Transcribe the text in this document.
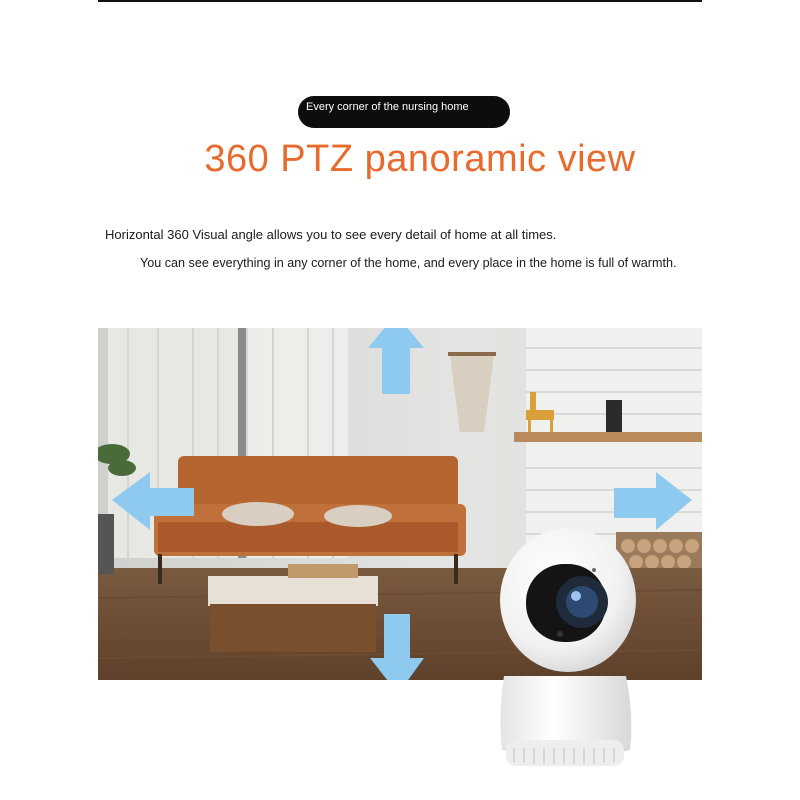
Every corner of the nursing home
360 PTZ panoramic view
Horizontal 360 Visual angle allows you to see every detail of home at all times.
You can see everything in any corner of the home, and every place in the home is full of warmth.
